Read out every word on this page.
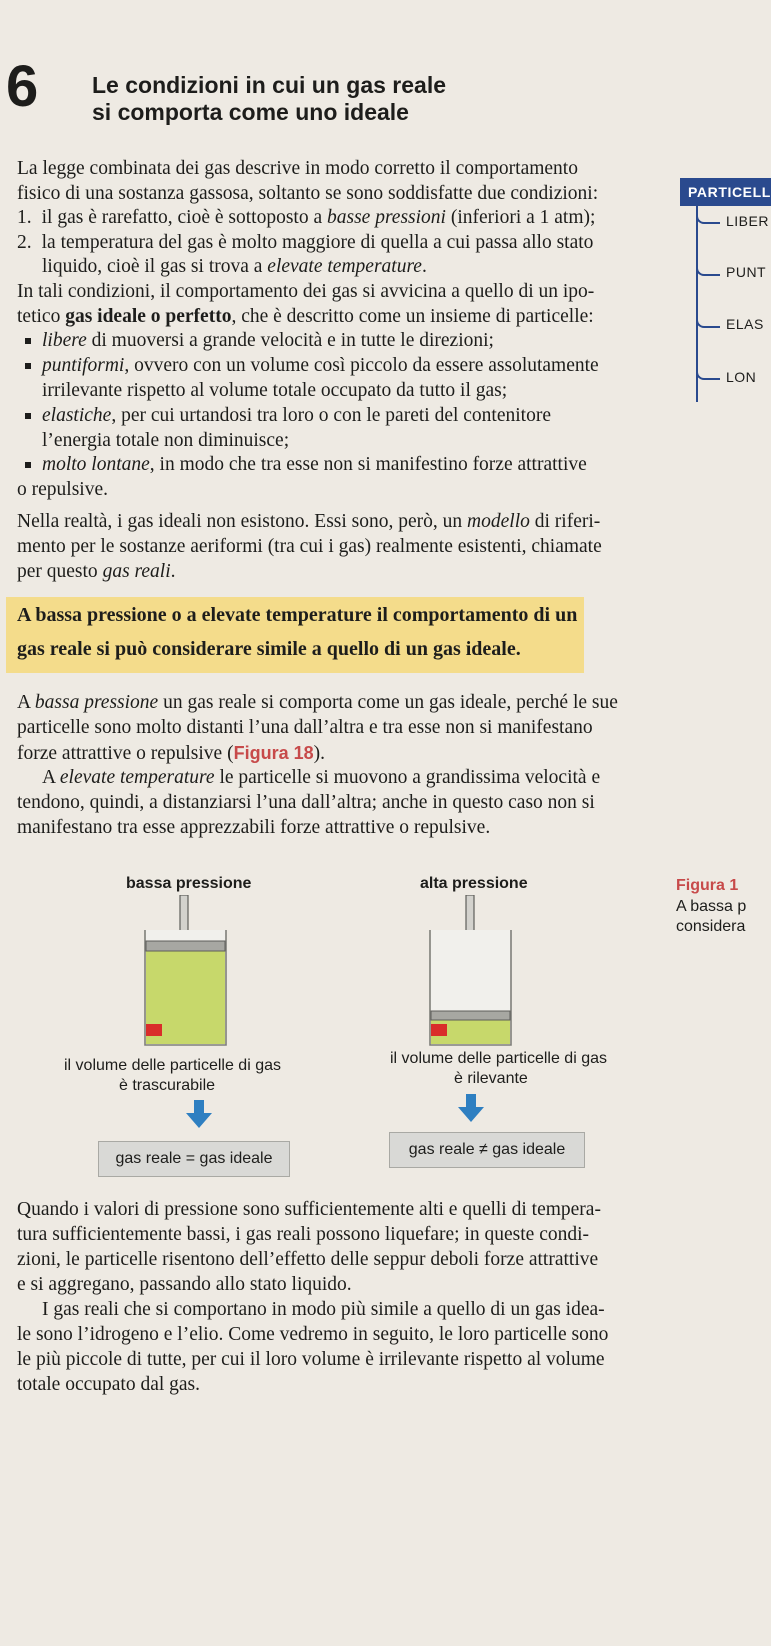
6 Le condizioni in cui un gas reale
si comporta come uno ideale
La legge combinata dei gas descrive in modo corretto il comportamento
fisico di una sostanza gassosa, soltanto se sono soddisfatte due condizioni:
1. il gas è rarefatto, cioè è sottoposto a basse pressioni (inferiori a 1 atm);
2. la temperatura del gas è molto maggiore di quella a cui passa allo stato
liquido, cioè il gas si trova a elevate temperature.
In tali condizioni, il comportamento dei gas si avvicina a quello di un ipo-
tetico gas ideale o perfetto, che è descritto come un insieme di particelle:
libere di muoversi a grande velocità e in tutte le direzioni;
puntiformi, ovvero con un volume così piccolo da essere assolutamente
irrilevante rispetto al volume totale occupato da tutto il gas;
elastiche, per cui urtandosi tra loro o con le pareti del contenitore
l’energia totale non diminuisce;
molto lontane, in modo che tra esse non si manifestino forze attrattive
o repulsive.
Nella realtà, i gas ideali non esistono. Essi sono, però, un modello di riferi-
mento per le sostanze aeriformi (tra cui i gas) realmente esistenti, chiamate
per questo gas reali.
A bassa pressione o a elevate temperature il comportamento di un
gas reale si può considerare simile a quello di un gas ideale.
A bassa pressione un gas reale si comporta come un gas ideale, perché le sue
particelle sono molto distanti l’una dall’altra e tra esse non si manifestano
forze attrattive o repulsive (Figura 18).
A elevate temperature le particelle si muovono a grandissima velocità e
tendono, quindi, a distanziarsi l’una dall’altra; anche in questo caso non si
manifestano tra esse apprezzabili forze attrattive o repulsive.
PARTICELL
LIBER
PUNT
ELAS
LON
bassa pressione	alta pressione
il volume delle particelle di gas
è trascurabile
il volume delle particelle di gas
è rilevante
gas reale = gas ideale
gas reale ≠ gas ideale
Figura 1
A bassa p
considera
Quando i valori di pressione sono sufficientemente alti e quelli di tempera-
tura sufficientemente bassi, i gas reali possono liquefare; in queste condi-
zioni, le particelle risentono dell’effetto delle seppur deboli forze attrattive
e si aggregano, passando allo stato liquido.
I gas reali che si comportano in modo più simile a quello di un gas idea-
le sono l’idrogeno e l’elio. Come vedremo in seguito, le loro particelle sono
le più piccole di tutte, per cui il loro volume è irrilevante rispetto al volume
totale occupato dal gas.
